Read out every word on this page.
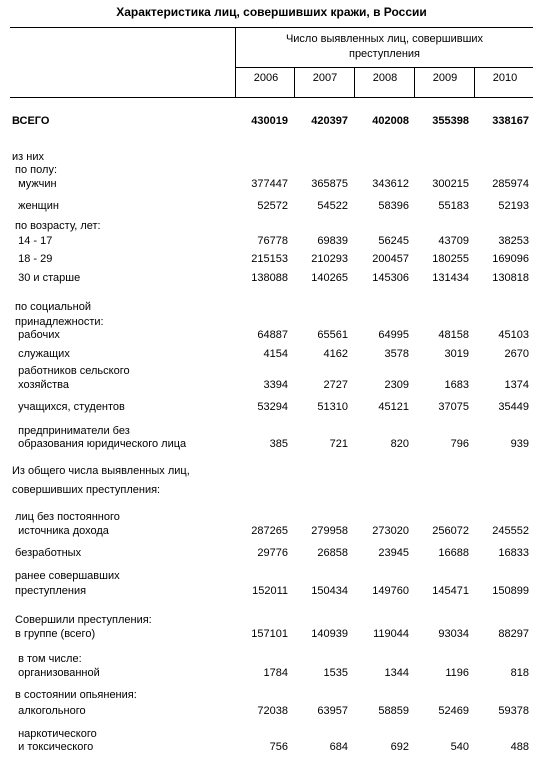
Характеристика лиц, совершивших кражи, в России
Число выявленных лиц, совершивших
преступления
2006	2007	2008	2009	2010
ВСЕГО	430019	420397	402008	355398	338167
из них
по полу:
мужчин	377447	365875	343612	300215	285974
женщин	52572	54522	58396	55183	52193
по возрасту, лет:
14 - 17	76778	69839	56245	43709	38253
18 - 29	215153	210293	200457	180255	169096
30 и старше	138088	140265	145306	131434	130818
по социальной
принадлежности:
рабочих	64887	65561	64995	48158	45103
служащих	4154	4162	3578	3019	2670
работников сельского
хозяйства	3394	2727	2309	1683	1374
учащихся, студентов	53294	51310	45121	37075	35449
предприниматели без
образования юридического лица	385	721	820	796	939
Из общего числа выявленных лиц,
совершивших преступления:
лиц без постоянного
источника дохода	287265	279958	273020	256072	245552
безработных	29776	26858	23945	16688	16833
ранее совершавших
преступления	152011	150434	149760	145471	150899
Совершили преступления:
в группе (всего)	157101	140939	119044	93034	88297
в том числе:
организованной	1784	1535	1344	1196	818
в состоянии опьянения:
алкогольного	72038	63957	58859	52469	59378
наркотического
и токсического	756	684	692	540	488
